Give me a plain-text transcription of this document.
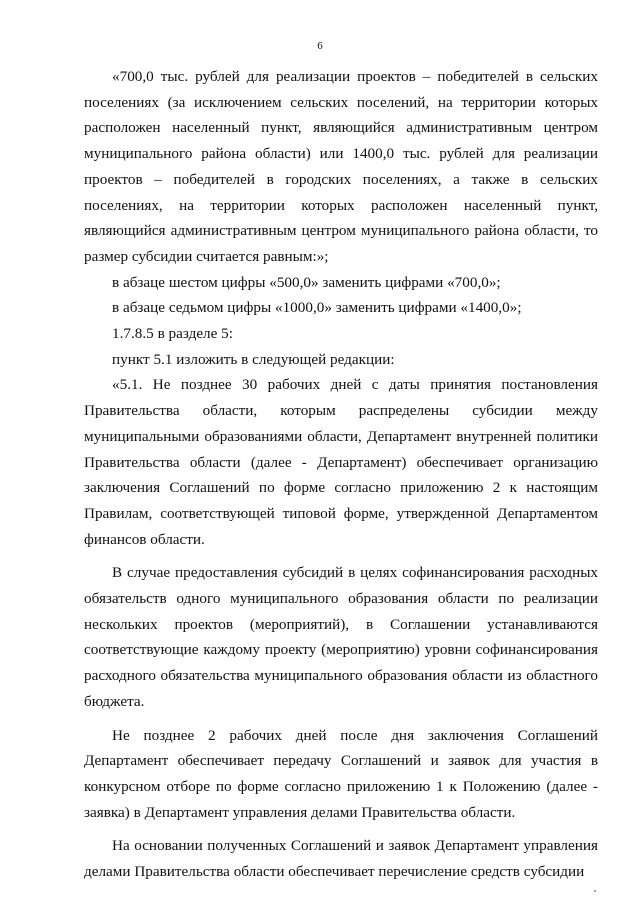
6

«700,0 тыс. рублей для реализации проектов – победителей в сельских поселениях (за исключением сельских поселений, на территории которых расположен населенный пункт, являющийся административным центром муниципального района области) или 1400,0 тыс. рублей для реализации проектов – победителей в городских поселениях, а также в сельских поселениях, на территории которых расположен населенный пункт, являющийся административным центром муниципального района области, то размер субсидии считается равным:»;

в абзаце шестом цифры «500,0» заменить цифрами «700,0»;

в абзаце седьмом цифры «1000,0» заменить цифрами «1400,0»;

1.7.8.5 в разделе 5:

пункт 5.1 изложить в следующей редакции:

«5.1. Не позднее 30 рабочих дней с даты принятия постановления Правительства области, которым распределены субсидии между муниципальными образованиями области, Департамент внутренней политики Правительства области (далее - Департамент) обеспечивает организацию заключения Соглашений по форме согласно приложению 2 к настоящим Правилам, соответствующей типовой форме, утвержденной Департаментом финансов области.

В случае предоставления субсидий в целях софинансирования расходных обязательств одного муниципального образования области по реализации нескольких проектов (мероприятий), в Соглашении устанавливаются соответствующие каждому проекту (мероприятию) уровни софинансирования расходного обязательства муниципального образования области из областного бюджета.

Не позднее 2 рабочих дней после дня заключения Соглашений Департамент обеспечивает передачу Соглашений и заявок для участия в конкурсном отборе по форме согласно приложению 1 к Положению (далее - заявка) в Департамент управления делами Правительства области.

На основании полученных Соглашений и заявок Департамент управления делами Правительства области обеспечивает перечисление средств субсидии
